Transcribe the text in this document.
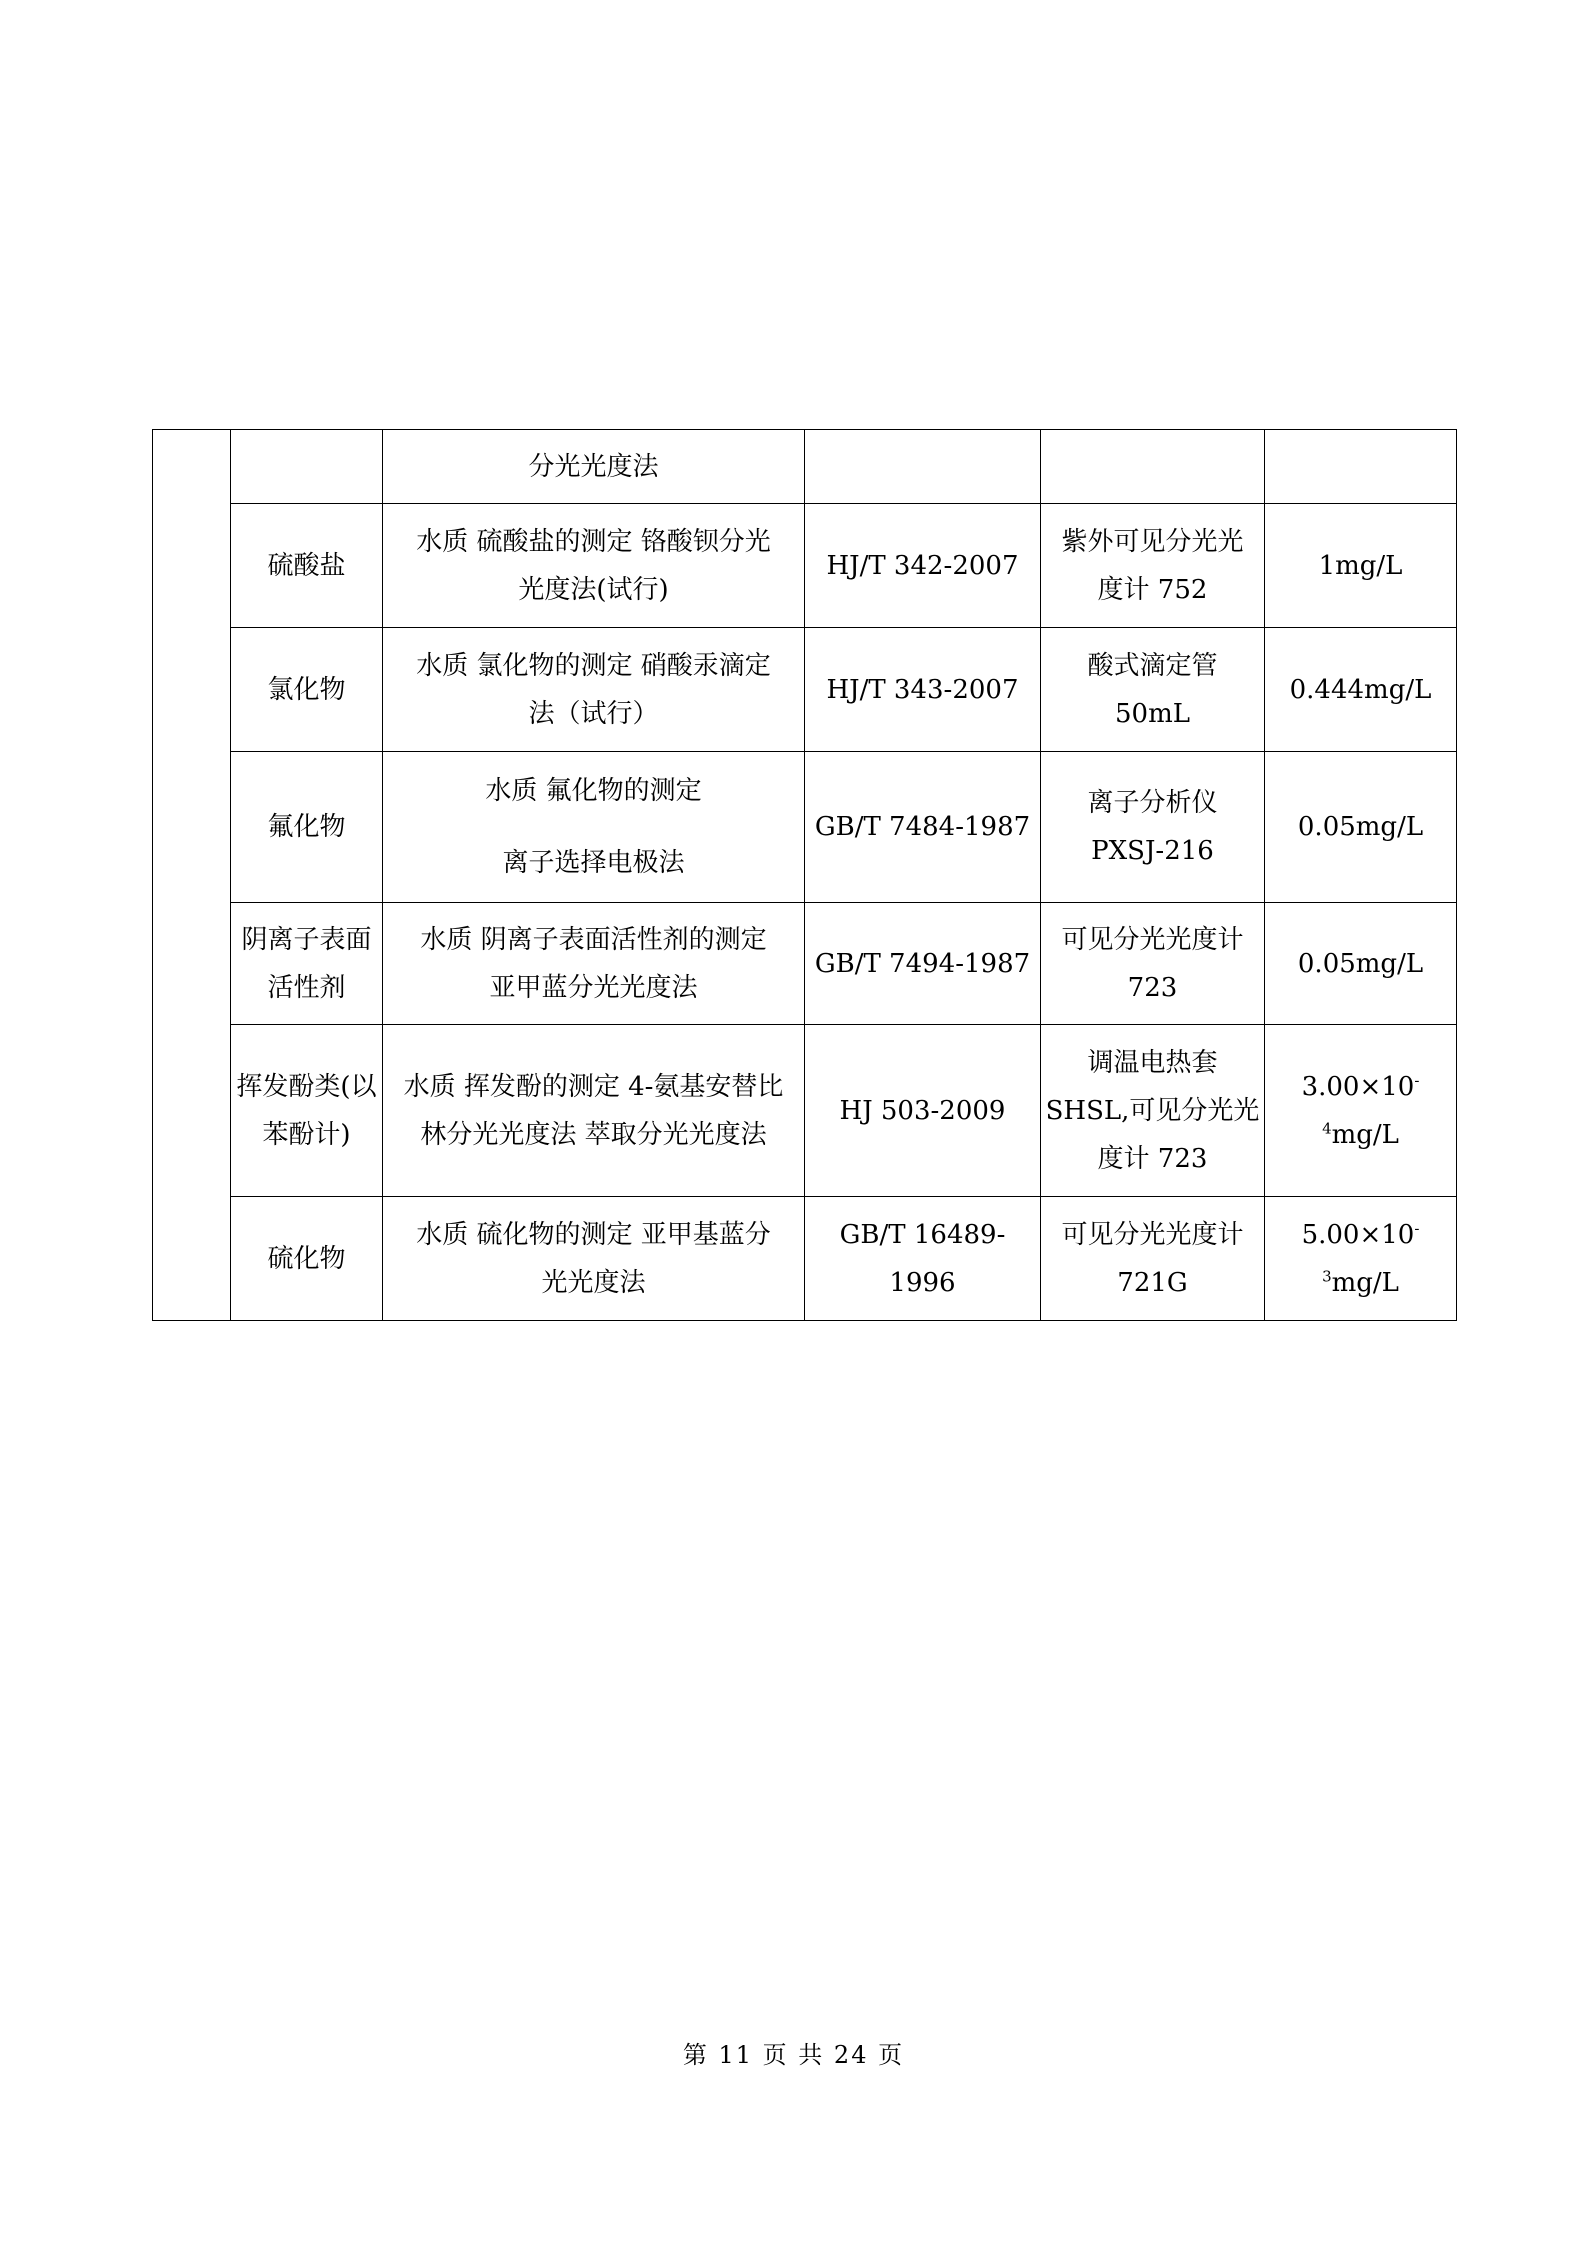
		分光光度法			

	硫酸盐	水质 硫酸盐的测定 铬酸钡分光
光度法(试行)	HJ/T 342-2007	紫外可见分光光
度计 752	1mg/L

	氯化物	水质 氯化物的测定 硝酸汞滴定
法（试行）	HJ/T 343-2007	酸式滴定管
50mL	0.444mg/L

	氟化物	水质 氟化物的测定
离子选择电极法	GB/T 7484-1987	离子分析仪
PXSJ-216	0.05mg/L

	阴离子表面
活性剂	水质 阴离子表面活性剂的测定
亚甲蓝分光光度法	GB/T 7494-1987	可见分光光度计
723	0.05mg/L

	挥发酚类(以
苯酚计)	水质 挥发酚的测定 4-氨基安替比
林分光光度法 萃取分光光度法	HJ 503-2009	调温电热套
SHSL,可见分光光
度计 723	$3.00\times 10^{-4}mg/L$

	硫化物	水质 硫化物的测定 亚甲基蓝分
光光度法	GB/T 16489-1996	可见分光光度计
721G	$5.00\times 10^{-3}mg/L$
第 11 页 共 24 页
